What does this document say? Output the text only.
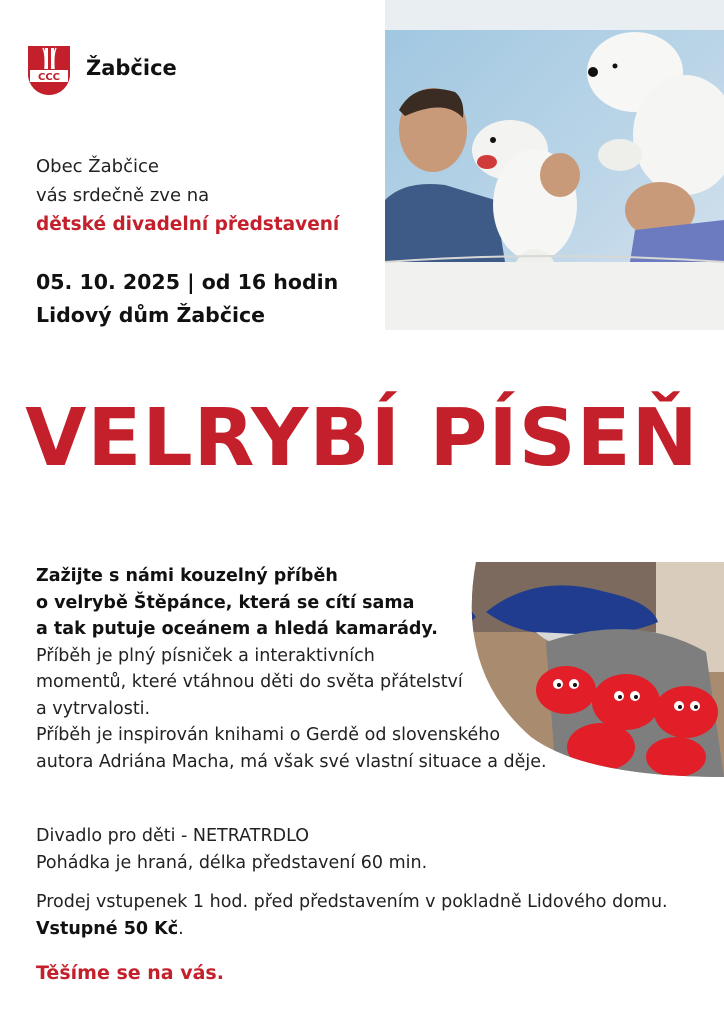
CCC Žabčice
Obec Žabčice
vás srdečně zve na
dětské divadelní představení
05. 10. 2025 | od 16 hodin
Lidový dům Žabčice
VELRYBÍ PÍSEŇ
Zažijte s námi kouzelný příběh
o velrybě Štěpánce, která se cítí sama
a tak putuje oceánem a hledá kamarády.
Příběh je plný písniček a interaktivních
momentů, které vtáhnou děti do světa přátelství
a vytrvalosti.
Příběh je inspirován knihami o Gerdě od slovenského
autora Adriána Macha, má však své vlastní situace a děje.
Divadlo pro děti - NETRATRDLO
Pohádka je hraná, délka představení 60 min.
Prodej vstupenek 1 hod. před představením v pokladně Lidového domu.
Vstupné 50 Kč.
Těšíme se na vás.
